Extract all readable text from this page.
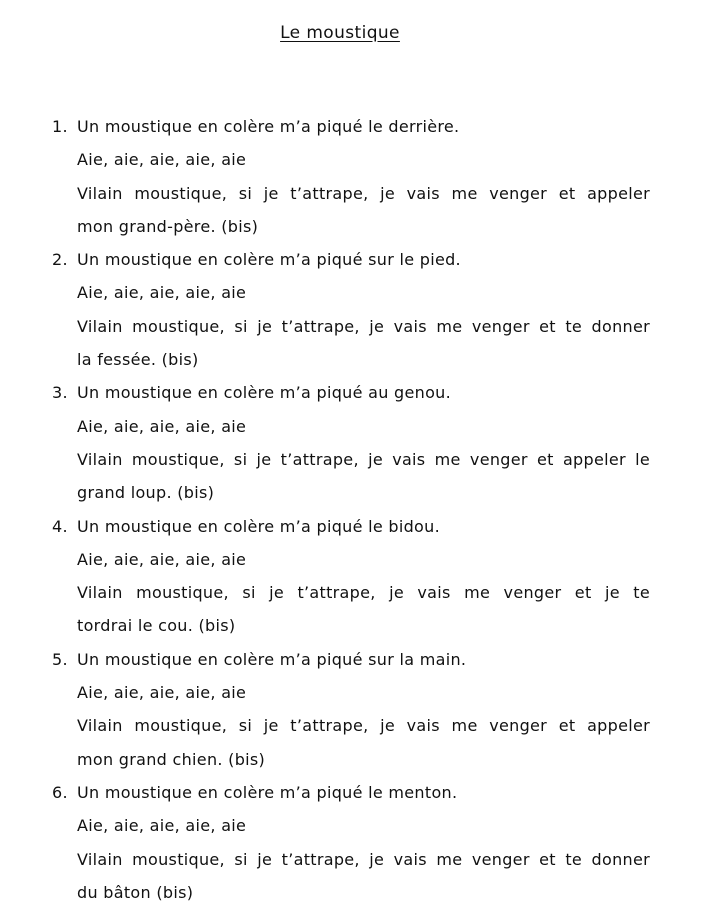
Le moustique
1. Un moustique en colère m’a piqué le derrière.
Aie, aie, aie, aie, aie
Vilain moustique, si je t’attrape, je vais me venger et appeler
mon grand-père. (bis)
2. Un moustique en colère m’a piqué sur le pied.
Aie, aie, aie, aie, aie
Vilain moustique, si je t’attrape, je vais me venger et te donner
la fessée. (bis)
3. Un moustique en colère m’a piqué au genou.
Aie, aie, aie, aie, aie
Vilain moustique, si je t’attrape, je vais me venger et appeler le
grand loup. (bis)
4. Un moustique en colère m’a piqué le bidou.
Aie, aie, aie, aie, aie
Vilain moustique, si je t’attrape, je vais me venger et je te
tordrai le cou. (bis)
5. Un moustique en colère m’a piqué sur la main.
Aie, aie, aie, aie, aie
Vilain moustique, si je t’attrape, je vais me venger et appeler
mon grand chien. (bis)
6. Un moustique en colère m’a piqué le menton.
Aie, aie, aie, aie, aie
Vilain moustique, si je t’attrape, je vais me venger et te donner
du bâton (bis)
